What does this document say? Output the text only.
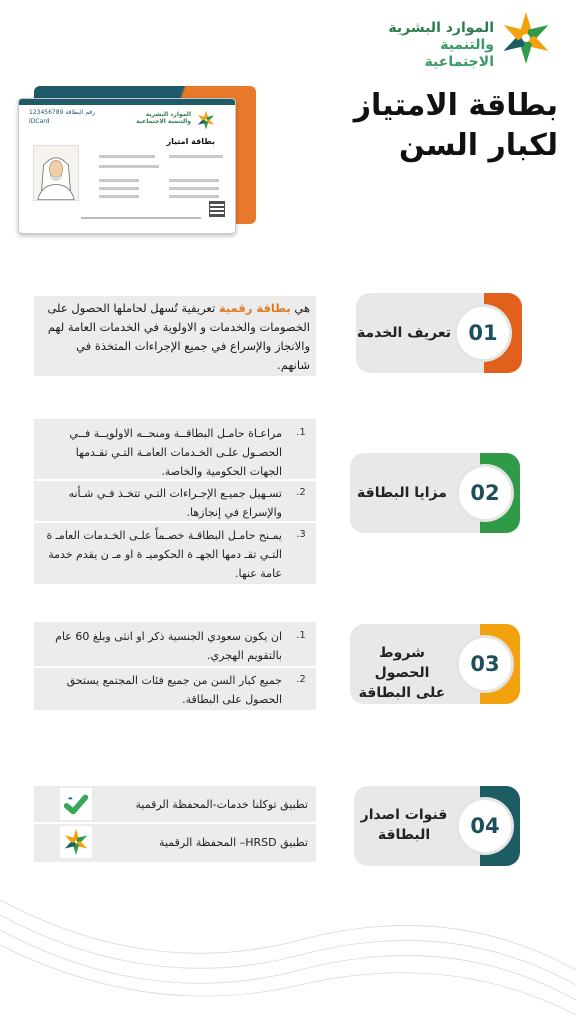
الموارد البشرية
والتنمية الاجتماعية
بطاقة الامتياز
لكبار السن
123456789 رقم البطاقة
IDCard
الموارد البشرية
والتنمية الاجتماعية
بطاقة امتياز
01
تعريف الخدمة
هي بطاقة رقمية تعريفية تُسهل لحاملها الحصول على الخصومات والخدمات و الاولوية في الخدمات العامة لهم والانجاز والإسراع في جميع الإجراءات المتخذة في شانهم.
02
مزايا البطاقة
1.
مراعـاة حامـل البطاقــة ومنحــه الاولويــة فــي الحصـول علـى الخـدمات العامـة التـي تقـدمها الجهات الحكومية والخاصة.
2.
تسـهيل جميـع الإجـراءات التـي تتخـذ فـي شـأنه والإسراع في إنجازها.
3.
يمـنح حامـل البطاقـة خصـماً علـى الخـدمات العامـ ة التـي تقـ دمها الجهـ ة الحكوميـ ة او مـ ن يقدم خدمة عامة عنها.
03
شروط الحصول
على البطاقة
1.
ان يكون سعودي الجنسية ذكر او انثى وبلغ 60 عام بالتقويم الهجري.
2.
جميع كبار السن من جميع فئات المجتمع يستحق الحصول على البطاقة.
04
قنوات اصدار
البطاقة
تطبيق توكلنا خدمات-المحفظة الرقمية
تطبيق HRSD– المحفظة الرقمية
